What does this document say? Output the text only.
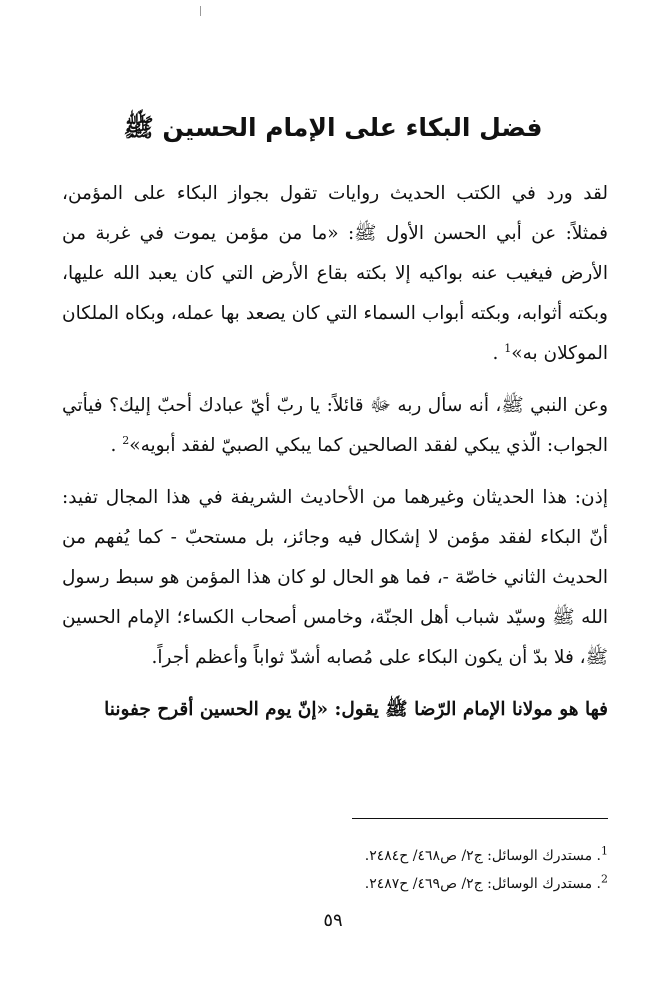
فضل البكاء على الإمام الحسين ﷺ

لقد ورد في الكتب الحديث روايات تقول بجواز البكاء على المؤمن، فمثلاً: عن أبي الحسن الأول ﷺ: «ما من مؤمن يموت في غربة من الأرض فيغيب عنه بواكيه إلا بكته بقاع الأرض التي كان يعبد الله عليها، وبكته أثوابه، وبكته أبواب السماء التي كان يصعد بها عمله، وبكاه الملكان الموكلان به»$^1$ .

وعن النبي ﷺ، أنه سأل ربه ﷻ قائلاً: يا ربّ أيّ عبادك أحبّ إليك؟ فيأتي الجواب: الّذي يبكي لفقد الصالحين كما يبكي الصبيّ لفقد أبويه»$^2$ .

إذن: هذا الحديثان وغيرهما من الأحاديث الشريفة في هذا المجال تفيد: أنّ البكاء لفقد مؤمن لا إشكال فيه وجائز، بل مستحبّ - كما يُفهم من الحديث الثاني خاصّة -، فما هو الحال لو كان هذا المؤمن هو سبط رسول الله ﷺ وسيّد شباب أهل الجنّة، وخامس أصحاب الكساء؛ الإمام الحسين ﷺ، فلا بدّ أن يكون البكاء على مُصابه أشدّ ثواباً وأعظم أجراً.

فها هو مولانا الإمام الرّضا ﷺ يقول: «إنّ يوم الحسين أقرح جفوننا

$^1$. مستدرك الوسائل: ج٢/ ص٤٦٨/ ح٢٤٨٤.

$^2$. مستدرك الوسائل: ج٢/ ص٤٦٩/ ح٢٤٨٧.

٥٩
